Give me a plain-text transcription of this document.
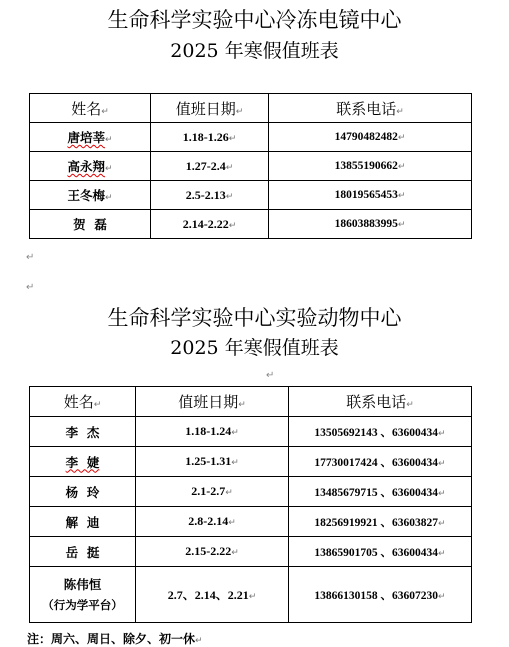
生命科学实验中心冷冻电镜中心
2025 年寒假值班表
姓名↵	值班日期↵	联系电话↵
唐培莘↵	1.18-1.26↵	14790482482↵
高永翔↵	1.27-2.4↵	13855190662↵
王冬梅↵	2.5-2.13↵	18019565453↵
贺  磊	2.14-2.22↵	18603883995↵
↵
↵
生命科学实验中心实验动物中心
2025 年寒假值班表
↵
姓名↵	值班日期↵	联系电话↵
李  杰	1.18-1.24↵	13505692143 、63600434↵
李  婕	1.25-1.31↵	17730017424 、63600434↵
杨  玲	2.1-2.7↵	13485679715 、63600434↵
解  迪	2.8-2.14↵	18256919921 、63603827↵
岳  挺	2.15-2.22↵	13865901705 、63600434↵

陈伟恒
（行为学平台）	2.7、2.14、2.21↵	13866130158 、63607230↵
注：周六、周日、除夕、初一休↵
